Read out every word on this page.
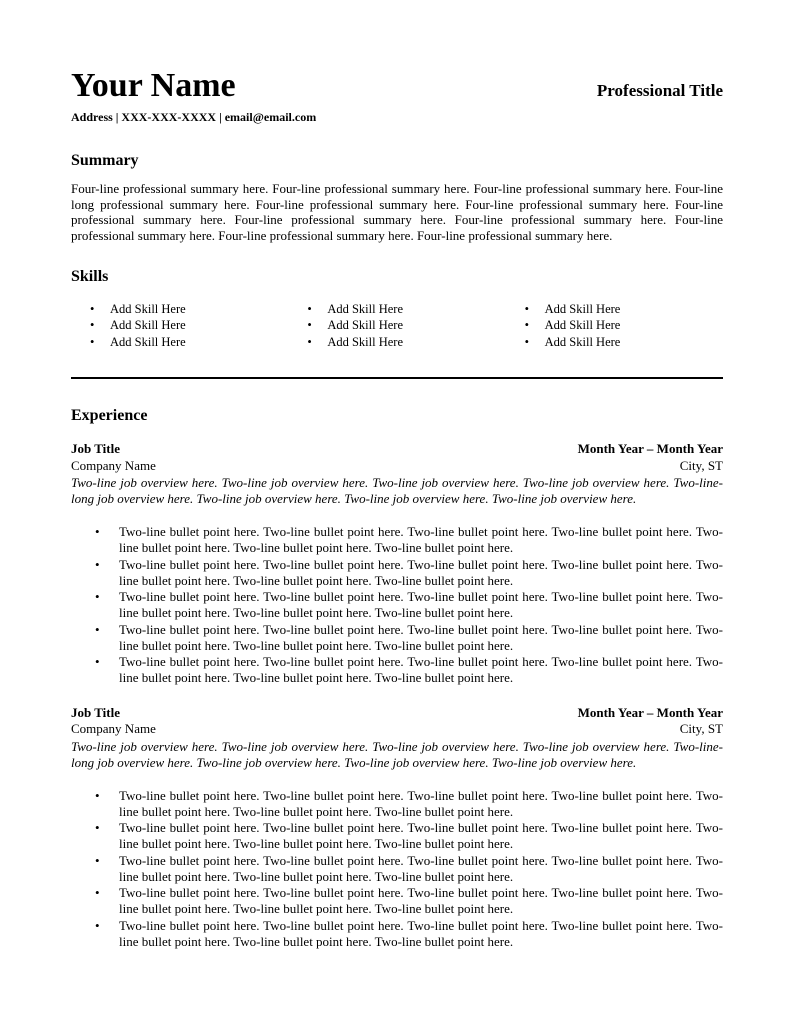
Your Name	Professional Title
Address | XXX-XXX-XXXX | email@email.com
Summary

Four-line professional summary here. Four-line professional summary here. Four-line professional summary here. Four-line long professional summary here. Four-line professional summary here. Four-line professional summary here. Four-line professional summary here. Four-line professional summary here. Four-line professional summary here. Four-line professional summary here. Four-line professional summary here. Four-line professional summary here.

Skills
• Add Skill Here
• Add Skill Here
• Add Skill Here
• Add Skill Here
• Add Skill Here
• Add Skill Here
• Add Skill Here
• Add Skill Here
• Add Skill Here
Experience
Job Title	Month Year – Month Year
Company Name	City, ST

Two-line job overview here. Two-line job overview here. Two-line job overview here. Two-line job overview here. Two-line-long job overview here. Two-line job overview here. Two-line job overview here. Two-line job overview here.

• Two-line bullet point here. Two-line bullet point here. Two-line bullet point here. Two-line bullet point here. Two-line bullet point here. Two-line bullet point here. Two-line bullet point here.
• Two-line bullet point here. Two-line bullet point here. Two-line bullet point here. Two-line bullet point here. Two-line bullet point here. Two-line bullet point here. Two-line bullet point here.
• Two-line bullet point here. Two-line bullet point here. Two-line bullet point here. Two-line bullet point here. Two-line bullet point here. Two-line bullet point here. Two-line bullet point here.
• Two-line bullet point here. Two-line bullet point here. Two-line bullet point here. Two-line bullet point here. Two-line bullet point here. Two-line bullet point here. Two-line bullet point here.
• Two-line bullet point here. Two-line bullet point here. Two-line bullet point here. Two-line bullet point here. Two-line bullet point here. Two-line bullet point here. Two-line bullet point here.
Job Title	Month Year – Month Year
Company Name	City, ST

Two-line job overview here. Two-line job overview here. Two-line job overview here. Two-line job overview here. Two-line-long job overview here. Two-line job overview here. Two-line job overview here. Two-line job overview here.

• Two-line bullet point here. Two-line bullet point here. Two-line bullet point here. Two-line bullet point here. Two-line bullet point here. Two-line bullet point here. Two-line bullet point here.
• Two-line bullet point here. Two-line bullet point here. Two-line bullet point here. Two-line bullet point here. Two-line bullet point here. Two-line bullet point here. Two-line bullet point here.
• Two-line bullet point here. Two-line bullet point here. Two-line bullet point here. Two-line bullet point here. Two-line bullet point here. Two-line bullet point here. Two-line bullet point here.
• Two-line bullet point here. Two-line bullet point here. Two-line bullet point here. Two-line bullet point here. Two-line bullet point here. Two-line bullet point here. Two-line bullet point here.
• Two-line bullet point here. Two-line bullet point here. Two-line bullet point here. Two-line bullet point here. Two-line bullet point here. Two-line bullet point here. Two-line bullet point here.
